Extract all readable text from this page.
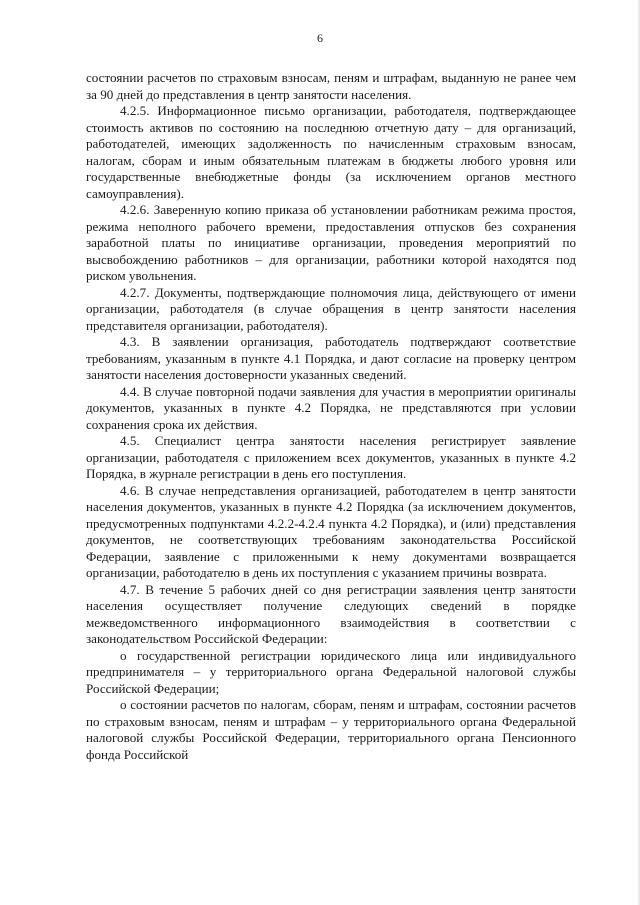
6

состоянии расчетов по страховым взносам, пеням и штрафам, выданную не ранее чем за 90 дней до представления в центр занятости населения.

4.2.5. Информационное письмо организации, работодателя, подтверждающее стоимость активов по состоянию на последнюю отчетную дату – для организаций, работодателей, имеющих задолженность по начисленным страховым взносам, налогам, сборам и иным обязательным платежам в бюджеты любого уровня или государственные внебюджетные фонды (за исключением органов местного самоуправления).

4.2.6. Заверенную копию приказа об установлении работникам режима простоя, режима неполного рабочего времени, предоставления отпусков без сохранения заработной платы по инициативе организации, проведения мероприятий по высвобождению работников – для организации, работники которой находятся под риском увольнения.

4.2.7. Документы, подтверждающие полномочия лица, действующего от имени организации, работодателя (в случае обращения в центр занятости населения представителя организации, работодателя).

4.3. В заявлении организация, работодатель подтверждают соответствие требованиям, указанным в пункте 4.1 Порядка, и дают согласие на проверку центром занятости населения достоверности указанных сведений.

4.4. В случае повторной подачи заявления для участия в мероприятии оригиналы документов, указанных в пункте 4.2 Порядка, не представляются при условии сохранения срока их действия.

4.5. Специалист центра занятости населения регистрирует заявление организации, работодателя с приложением всех документов, указанных в пункте 4.2 Порядка, в журнале регистрации в день его поступления.

4.6. В случае непредставления организацией, работодателем в центр занятости населения документов, указанных в пункте 4.2 Порядка (за исключением документов, предусмотренных подпунктами 4.2.2-4.2.4 пункта 4.2 Порядка), и (или) представления документов, не соответствующих требованиям законодательства Российской Федерации, заявление с приложенными к нему документами возвращается организации, работодателю в день их поступления с указанием причины возврата.

4.7. В течение 5 рабочих дней со дня регистрации заявления центр занятости населения осуществляет получение следующих сведений в порядке межведомственного информационного взаимодействия в соответствии с законодательством Российской Федерации:

о государственной регистрации юридического лица или индивидуального предпринимателя – у территориального органа Федеральной налоговой службы Российской Федерации;

о состоянии расчетов по налогам, сборам, пеням и штрафам, состоянии расчетов по страховым взносам, пеням и штрафам – у территориального органа Федеральной налоговой службы Российской Федерации, территориального органа Пенсионного фонда Российской
